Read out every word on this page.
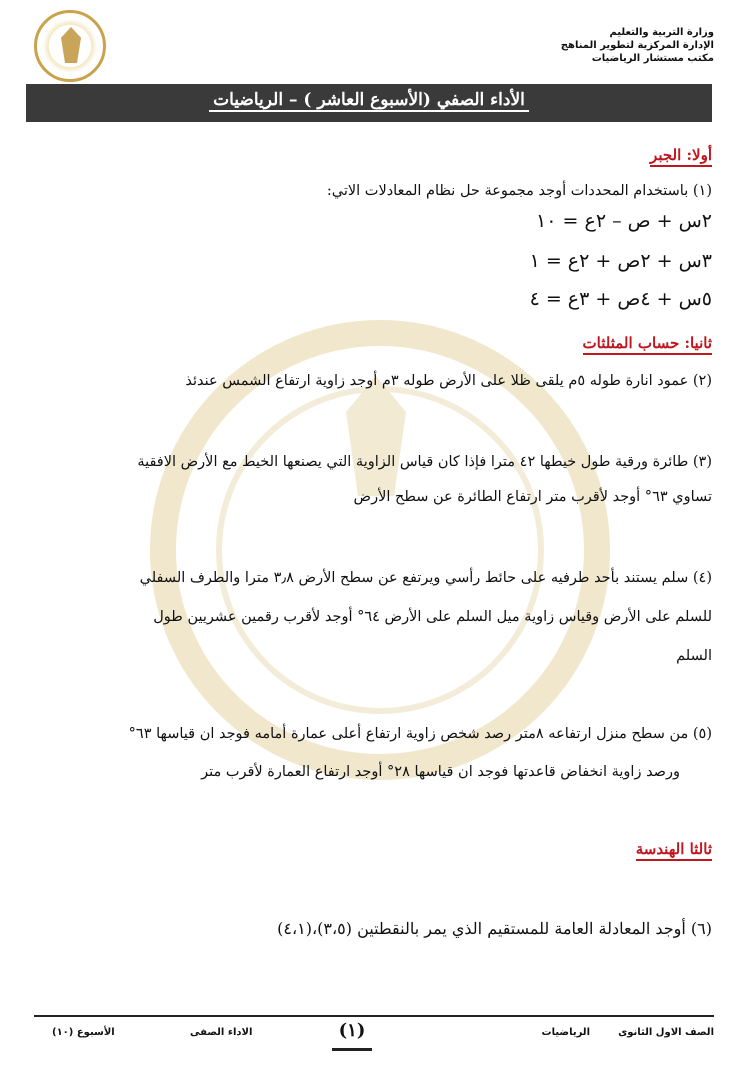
وزارة التربية والتعليم
الإدارة المركزية لتطوير المناهج
مكتب مستشار الرياضيات
الأداء الصفي (الأسبوع العاشر ) – الرياضيات
أولا: الجبر
(١) باستخدام المحددات أوجد مجموعة حل نظام المعادلات الاتي:
٢س + ص – ٢ع = ١٠
٣س + ٢ص + ٢ع = ١
٥س + ٤ص + ٣ع = ٤
ثانيا: حساب المثلثات
(٢) عمود انارة طوله ٥م يلقى ظلا على الأرض طوله ٣م أوجد زاوية ارتفاع الشمس عندئذ
(٣) طائرة ورقية طول خيطها ٤٢ مترا فإذا كان قياس الزاوية التي يصنعها الخيط مع الأرض الافقية
تساوي ٦٣° أوجد لأقرب متر ارتفاع الطائرة عن سطح الأرض
(٤) سلم يستند بأحد طرفيه على حائط رأسي ويرتفع عن سطح الأرض ٣٫٨ مترا والطرف السفلي
للسلم على الأرض وقياس زاوية ميل السلم على الأرض ٦٤° أوجد لأقرب رقمين عشريين طول
السلم
(٥) من سطح منزل ارتفاعه ٨متر رصد شخص زاوية ارتفاع أعلى عمارة أمامه فوجد ان قياسها ٦٣°
ورصد زاوية انخفاض قاعدتها فوجد ان قياسها ٢٨° أوجد ارتفاع العمارة لأقرب متر
ثالثا الهندسة
(٦) أوجد المعادلة العامة للمستقيم الذي يمر بالنقطتين (٣،٥)،(٤،١)
الصف الاول الثانوى
الرياضيات
(١)
الاداء الصفى
الأسبوع (١٠)
